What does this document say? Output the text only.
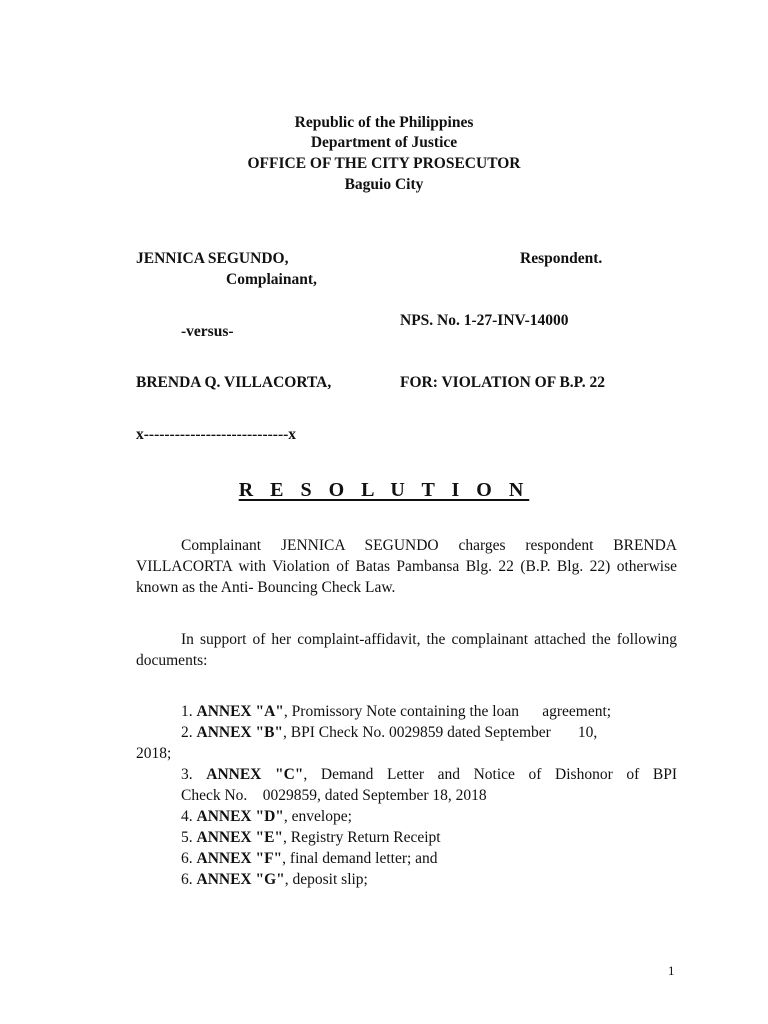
Republic of the Philippines
Department of Justice
OFFICE OF THE CITY PROSECUTOR
Baguio City
JENNICA SEGUNDO,	Respondent.
Complainant,
NPS. No. 1-27-INV-14000
-versus-
BRENDA Q. VILLACORTA,	FOR: VIOLATION OF B.P. 22
x----------------------------x
R E S O L U T I O N
Complainant JENNICA SEGUNDO charges respondent BRENDA VILLACORTA with Violation of Batas Pambansa Blg. 22 (B.P. Blg. 22) otherwise known as the Anti- Bouncing Check Law.
In support of her complaint-affidavit, the complainant attached the following documents:
1. ANNEX "A", Promissory Note containing the loan      agreement;
2. ANNEX "B", BPI Check No. 0029859 dated September       10,
2018;
3. ANNEX "C", Demand Letter and Notice of Dishonor of BPI
Check No.    0029859, dated September 18, 2018
4. ANNEX "D", envelope;
5. ANNEX "E", Registry Return Receipt
6. ANNEX "F", final demand letter; and
6. ANNEX "G", deposit slip;
1
